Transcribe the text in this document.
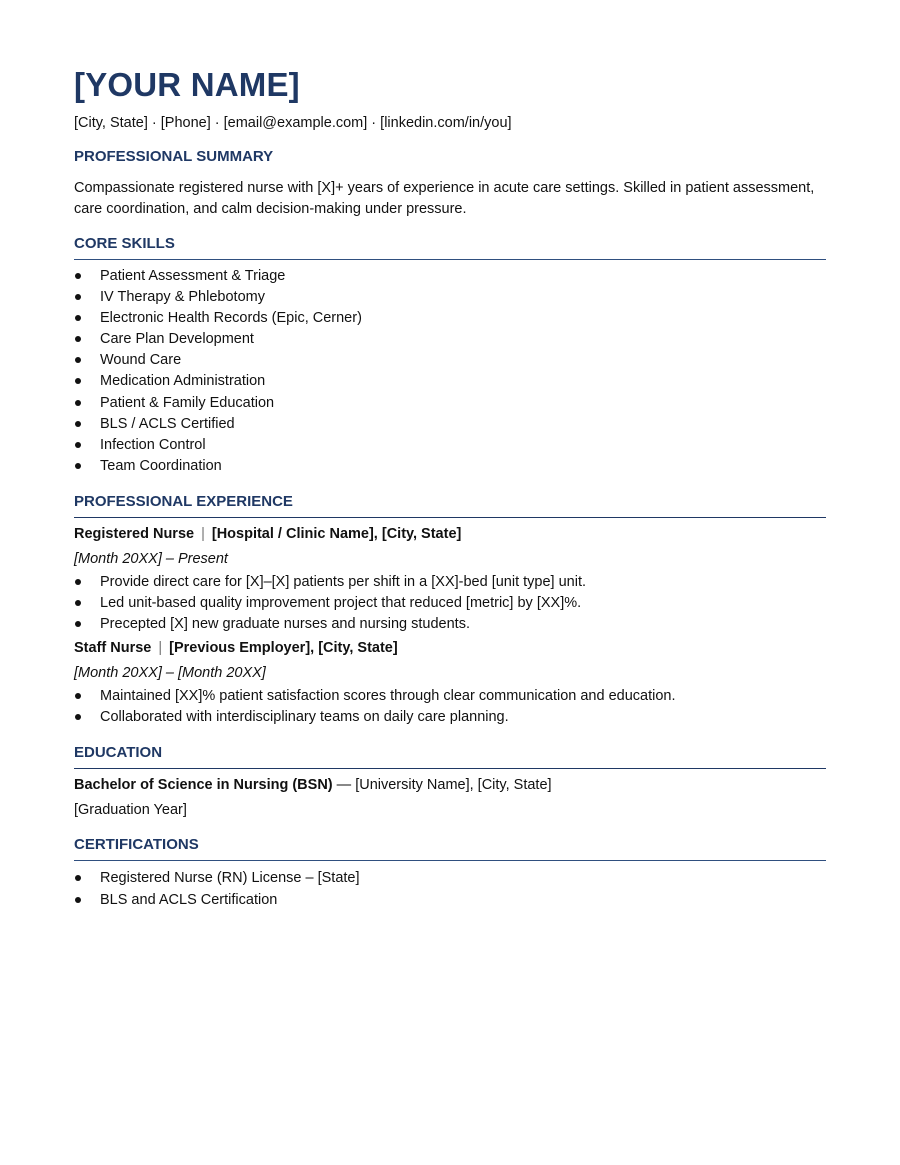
[YOUR NAME]
[City, State] · [Phone] · [email@example.com] · [linkedin.com/in/you]
PROFESSIONAL SUMMARY
Compassionate registered nurse with [X]+ years of experience in acute care settings. Skilled in patient assessment, care coordination, and calm decision-making under pressure.
CORE SKILLS
Patient Assessment & Triage
IV Therapy & Phlebotomy
Electronic Health Records (Epic, Cerner)
Care Plan Development
Wound Care
Medication Administration
Patient & Family Education
BLS / ACLS Certified
Infection Control
Team Coordination
PROFESSIONAL EXPERIENCE
Registered Nurse | [Hospital / Clinic Name], [City, State]
[Month 20XX] – Present
Provide direct care for [X]–[X] patients per shift in a [XX]-bed [unit type] unit.
Led unit-based quality improvement project that reduced [metric] by [XX]%.
Precepted [X] new graduate nurses and nursing students.
Staff Nurse | [Previous Employer], [City, State]
[Month 20XX] – [Month 20XX]
Maintained [XX]% patient satisfaction scores through clear communication and education.
Collaborated with interdisciplinary teams on daily care planning.
EDUCATION
Bachelor of Science in Nursing (BSN) — [University Name], [City, State]
[Graduation Year]
CERTIFICATIONS
Registered Nurse (RN) License – [State]
BLS and ACLS Certification
